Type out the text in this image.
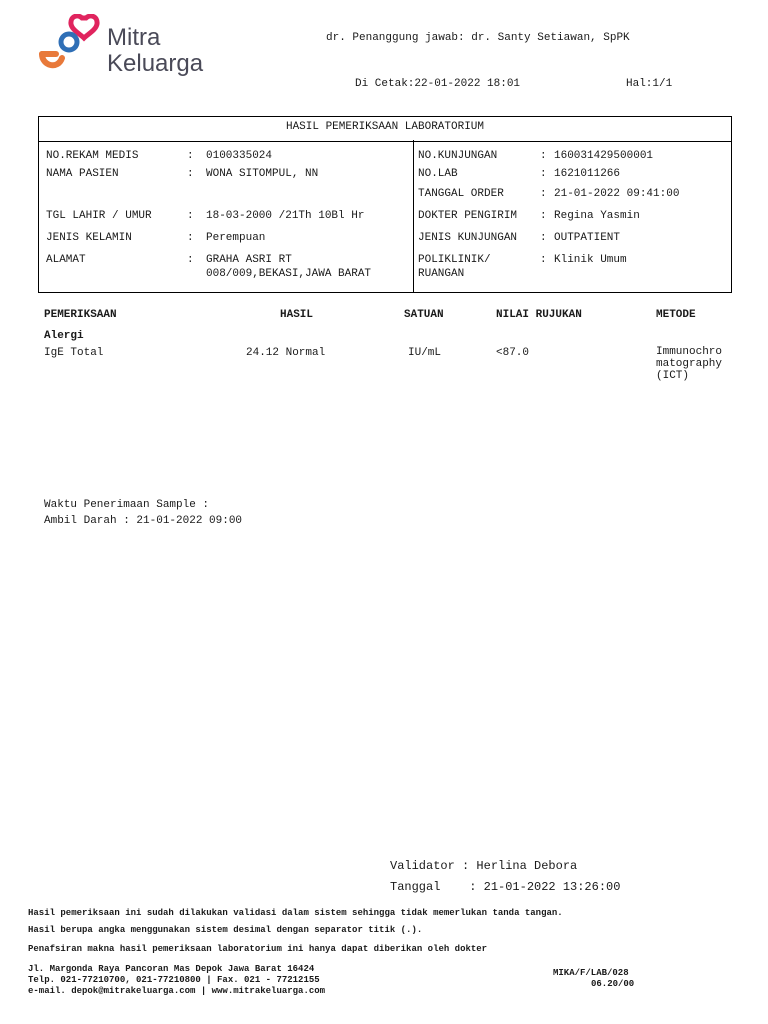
Mitra
Keluarga
dr. Penanggung jawab: dr. Santy Setiawan, SpPK
Di Cetak:22-01-2022 18:01	Hal:1/1
HASIL PEMERIKSAAN LABORATORIUM
NO.REKAM MEDIS	: 0100335024
NAMA PASIEN	: WONA SITOMPUL, NN
TGL LAHIR / UMUR	: 18-03-2000 /21Th 10Bl Hr
JENIS KELAMIN	: Perempuan
ALAMAT	: GRAHA ASRI RT
008/009,BEKASI,JAWA BARAT
NO.KUNJUNGAN	: 160031429500001
NO.LAB	: 1621011266
TANGGAL ORDER	: 21-01-2022 09:41:00
DOKTER PENGIRIM : Regina Yasmin
JENIS KUNJUNGAN : OUTPATIENT
POLIKLINIK/
RUANGAN
: Klinik Umum
PEMERIKSAAN	HASIL	SATUAN	NILAI RUJUKAN	METODE
Alergi
IgE Total	24.12 Normal	IU/mL	<87.0	Immunochro
matography
(ICT)
Waktu Penerimaan Sample :
Ambil Darah : 21-01-2022 09:00
Validator : Herlina Debora
Tanggal    : 21-01-2022 13:26:00
Hasil pemeriksaan ini sudah dilakukan validasi dalam sistem sehingga tidak memerlukan tanda tangan.
Hasil berupa angka menggunakan sistem desimal dengan separator titik (.).
Penafsiran makna hasil pemeriksaan laboratorium ini hanya dapat diberikan oleh dokter
Jl. Margonda Raya Pancoran Mas Depok Jawa Barat 16424
Telp. 021-77210700, 021-77210800 | Fax. 021 - 77212155
e-mail. depok@mitrakeluarga.com | www.mitrakeluarga.com
MIKA/F/LAB/028
06.20/00
